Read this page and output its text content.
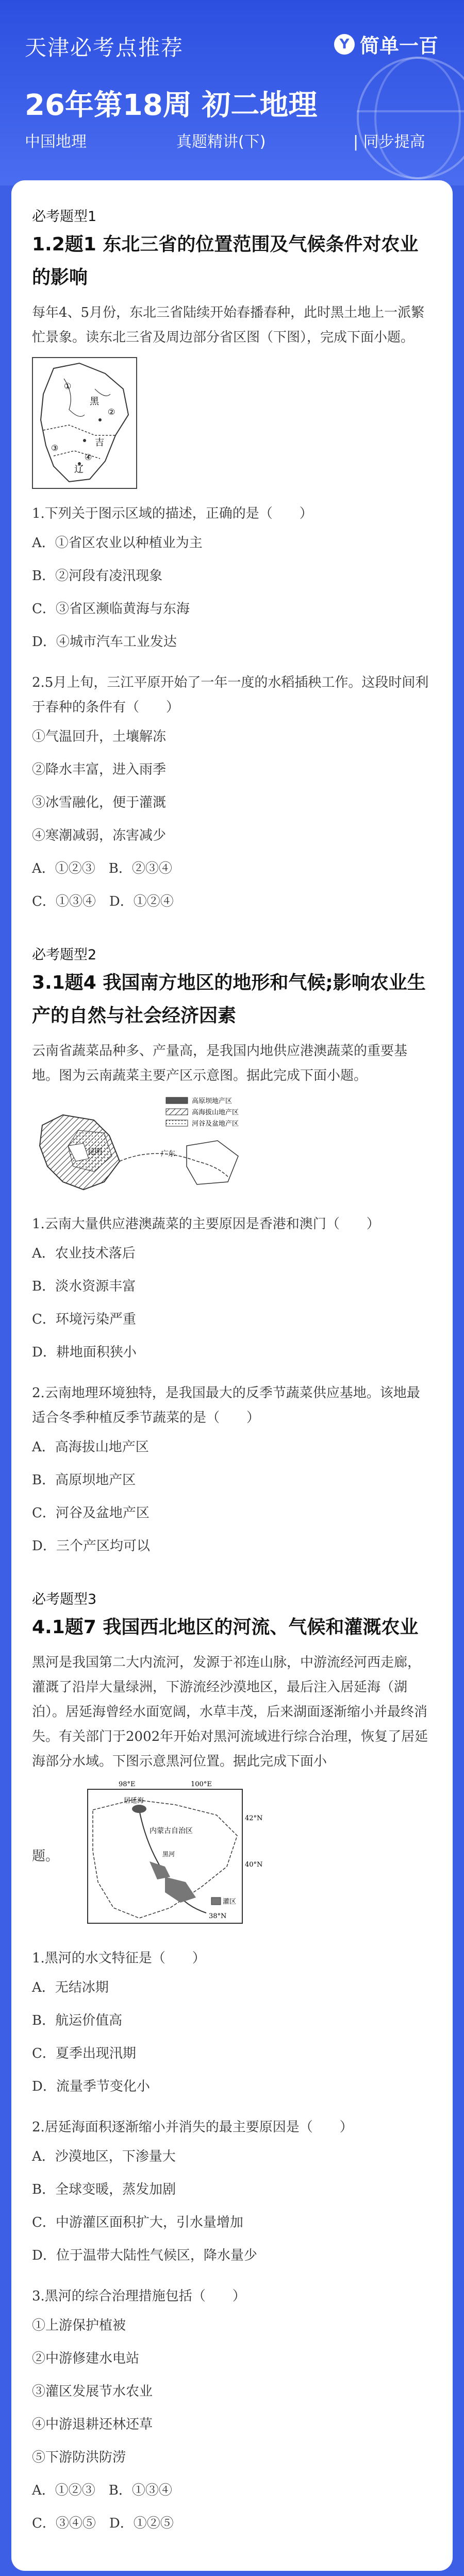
天津必考点推荐	Y 简单一百
26年第18周 初二地理
中国地理	真题精讲(下)	| 同步提高
必考题型1
1.2题1 东北三省的位置范围及气候条件对农业的影响

每年4、5月份，东北三省陆续开始春播春种，此时黑土地上一派繁忙景象。读东北三省及周边部分省区图（下图），完成下面小题。

黑
吉
辽
①
②
③
④
1.下列关于图示区域的描述，正确的是（　　）
A．①省区农业以种植业为主
B．②河段有凌汛现象
C．③省区濒临黄海与东海
D．④城市汽车工业发达
2.5月上旬，三江平原开始了一年一度的水稻插秧工作。这段时间利于春种的条件有（　　）
①气温回升，土壤解冻
②降水丰富，进入雨季
③冰雪融化，便于灌溉
④寒潮减弱，冻害减少
A．①②③　B．②③④
C．①③④　D．①②④
必考题型2
3.1题4 我国南方地区的地形和气候;影响农业生产的自然与社会经济因素

云南省蔬菜品种多、产量高，是我国内地供应港澳蔬菜的重要基地。图为云南蔬菜主要产区示意图。据此完成下面小题。

高原坝地产区
高海拔山地产区
河谷及盆地产区
昆明	广东
1.云南大量供应港澳蔬菜的主要原因是香港和澳门（　　）
A．农业技术落后
B．淡水资源丰富
C．环境污染严重
D．耕地面积狭小
2.云南地理环境独特，是我国最大的反季节蔬菜供应基地。该地最适合冬季种植反季节蔬菜的是（　　）
A．高海拔山地产区
B．高原坝地产区
C．河谷及盆地产区
D．三个产区均可以
必考题型3
4.1题7 我国西北地区的河流、气候和灌溉农业

黑河是我国第二大内流河，发源于祁连山脉，中游流经河西走廊，灌溉了沿岸大量绿洲，下游流经沙漠地区，最后注入居延海（湖泊）。居延海曾经水面宽阔，水草丰茂，后来湖面逐渐缩小并最终消失。有关部门于2002年开始对黑河流域进行综合治理，恢复了居延海部分水域。下图示意黑河位置。据此完成下面小

题。
98°E	100°E
42°N
40°N
38°N
居延海
内蒙古自治区
灌区
黑河
1.黑河的水文特征是（　　）
A．无结冰期
B．航运价值高
C．夏季出现汛期
D．流量季节变化小
2.居延海面积逐渐缩小并消失的最主要原因是（　　）
A．沙漠地区，下渗量大
B．全球变暖，蒸发加剧
C．中游灌区面积扩大，引水量增加
D．位于温带大陆性气候区，降水量少
3.黑河的综合治理措施包括（　　）
①上游保护植被
②中游修建水电站
③灌区发展节水农业
④中游退耕还林还草
⑤下游防洪防涝
A．①②③　B．①③④
C．③④⑤　D．①②⑤
